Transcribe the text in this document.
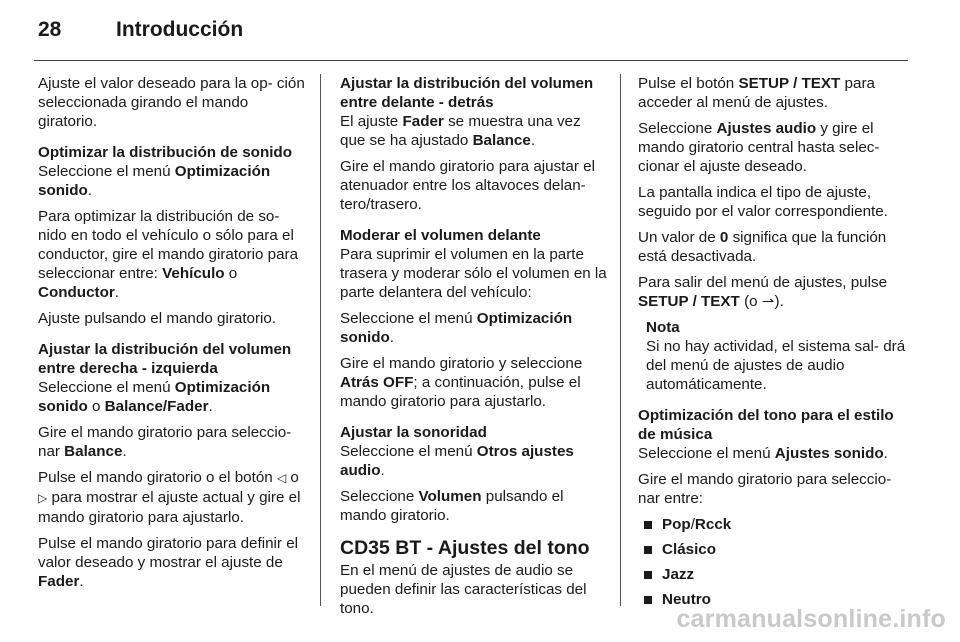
28	Introducción

Ajuste el valor deseado para la op- ción seleccionada girando el mando giratorio.

Optimizar la distribución de sonido

Seleccione el menú Optimización sonido.

Para optimizar la distribución de so- nido en todo el vehículo o sólo para el conductor, gire el mando giratorio para seleccionar entre: Vehículo o Conductor.

Ajuste pulsando el mando giratorio.

Ajustar la distribución del volumen entre derecha - izquierda

Seleccione el menú Optimización sonido o Balance/Fader.

Gire el mando giratorio para seleccio- nar Balance.

Pulse el mando giratorio o el botón ◁ o ▷ para mostrar el ajuste actual y gire el mando giratorio para ajustarlo.

Pulse el mando giratorio para definir el valor deseado y mostrar el ajuste de Fader.

Ajustar la distribución del volumen entre delante - detrás

El ajuste Fader se muestra una vez que se ha ajustado Balance.

Gire el mando giratorio para ajustar el atenuador entre los altavoces delan- tero/trasero.

Moderar el volumen delante

Para suprimir el volumen en la parte trasera y moderar sólo el volumen en la parte delantera del vehículo:

Seleccione el menú Optimización sonido.

Gire el mando giratorio y seleccione Atrás OFF; a continuación, pulse el mando giratorio para ajustarlo.

Ajustar la sonoridad

Seleccione el menú Otros ajustes audio.

Seleccione Volumen pulsando el mando giratorio.

CD35 BT - Ajustes del tono

En el menú de ajustes de audio se pueden definir las características del tono.

Pulse el botón SETUP / TEXT para acceder al menú de ajustes.

Seleccione Ajustes audio y gire el mando giratorio central hasta selec- cionar el ajuste deseado.

La pantalla indica el tipo de ajuste, seguido por el valor correspondiente.

Un valor de 0 significa que la función está desactivada.

Para salir del menú de ajustes, pulse SETUP / TEXT (o ⇀).

Nota
Si no hay actividad, el sistema sal- drá del menú de ajustes de audio automáticamente.

Optimización del tono para el estilo de música

Seleccione el menú Ajustes sonido.

Gire el mando giratorio para seleccio- nar entre:

Pop / Rcck
Clásico
Jazz
Neutro
carmanualsonline.info
